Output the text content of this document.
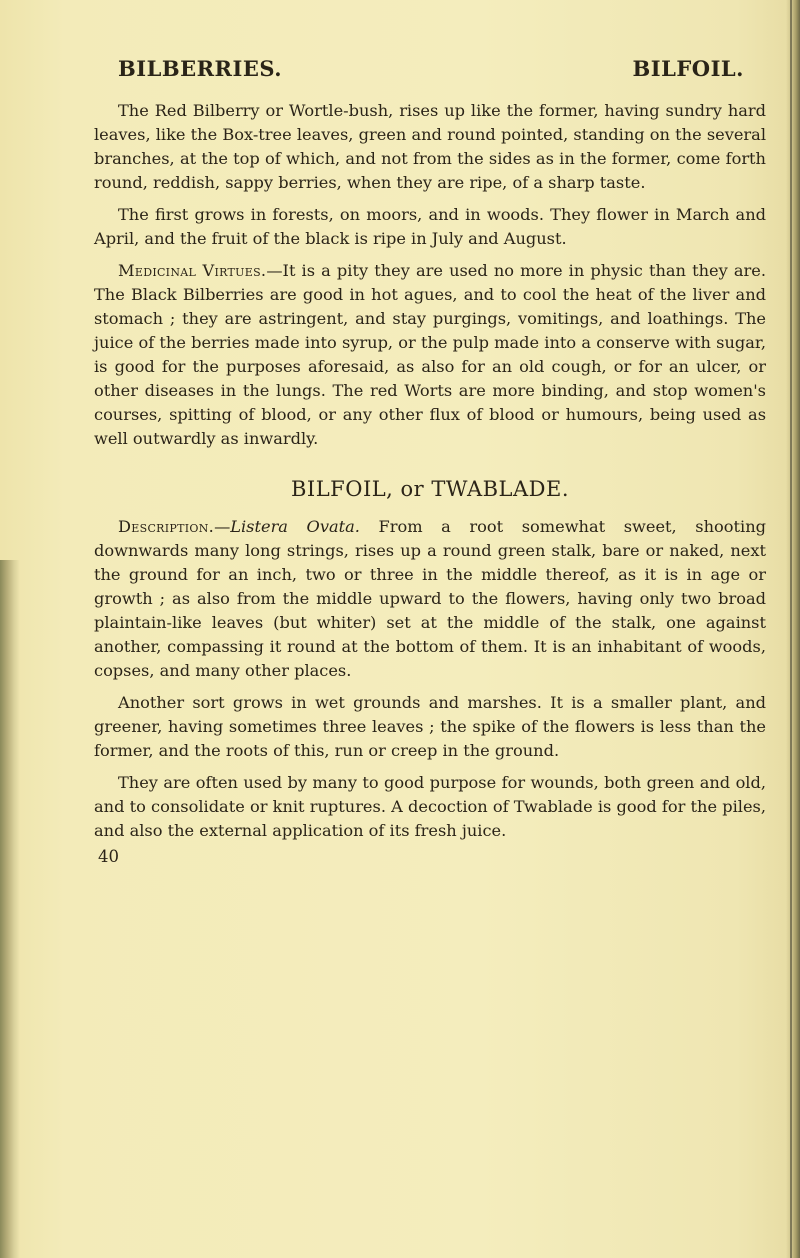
BILBERRIES.	BILFOIL.

The Red Bilberry or Wortle-bush, rises up like the former, having sundry hard leaves, like the Box-tree leaves, green and round pointed, standing on the several branches, at the top of which, and not from the sides as in the former, come forth round, reddish, sappy berries, when they are ripe, of a sharp taste.

The first grows in forests, on moors, and in woods. They flower in March and April, and the fruit of the black is ripe in July and August.

Medicinal Virtues.—It is a pity they are used no more in physic than they are. The Black Bilberries are good in hot agues, and to cool the heat of the liver and stomach ; they are astringent, and stay purgings, vomitings, and loathings. The juice of the berries made into syrup, or the pulp made into a conserve with sugar, is good for the purposes aforesaid, as also for an old cough, or for an ulcer, or other diseases in the lungs. The red Worts are more binding, and stop women's courses, spitting of blood, or any other flux of blood or humours, being used as well outwardly as inwardly.

BILFOIL, or TWABLADE.

Description.—Listera Ovata. From a root somewhat sweet, shooting downwards many long strings, rises up a round green stalk, bare or naked, next the ground for an inch, two or three in the middle thereof, as it is in age or growth ; as also from the middle upward to the flowers, having only two broad plaintain-like leaves (but whiter) set at the middle of the stalk, one against another, compassing it round at the bottom of them. It is an inhabitant of woods, copses, and many other places.

Another sort grows in wet grounds and marshes. It is a smaller plant, and greener, having sometimes three leaves ; the spike of the flowers is less than the former, and the roots of this, run or creep in the ground.

They are often used by many to good purpose for wounds, both green and old, and to consolidate or knit ruptures. A decoction of Twablade is good for the piles, and also the external application of its fresh juice.

40
